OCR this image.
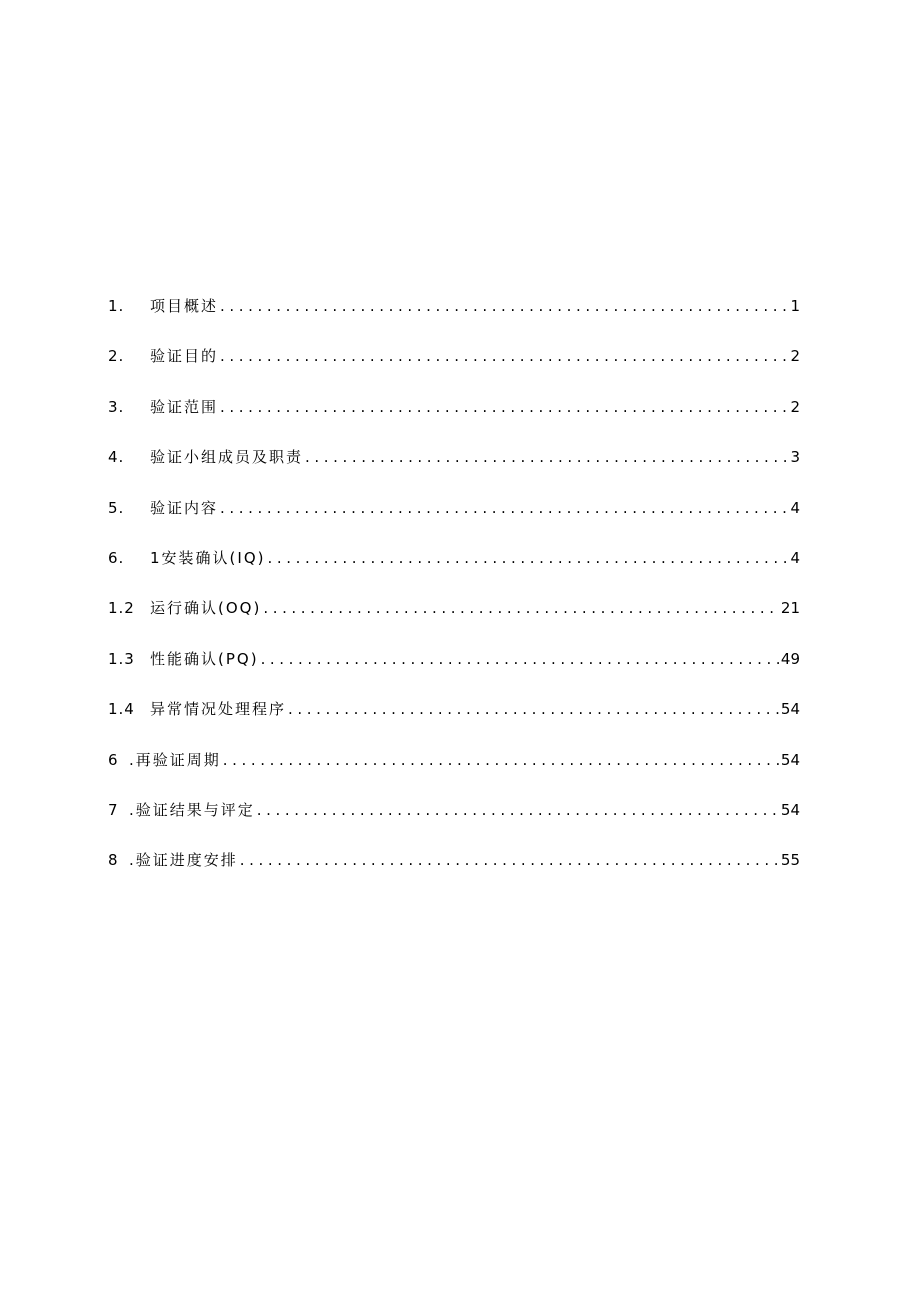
1.	项目概述 .....	1
2.	验证目的 .....	2
3.	验证范围 .....	2
4.	验证小组成员及职责 .....	3
5.	验证内容 .....	4
6.	1安装确认(IQ) .....	4
1.2	运行确认(OQ) .....	21
1.3	性能确认(PQ) .....	49
1.4	异常情况处理程序 .....	54
6 .再验证周期 .....	54
7 .验证结果与评定 .....	54
8 .验证进度安排 .....	55
